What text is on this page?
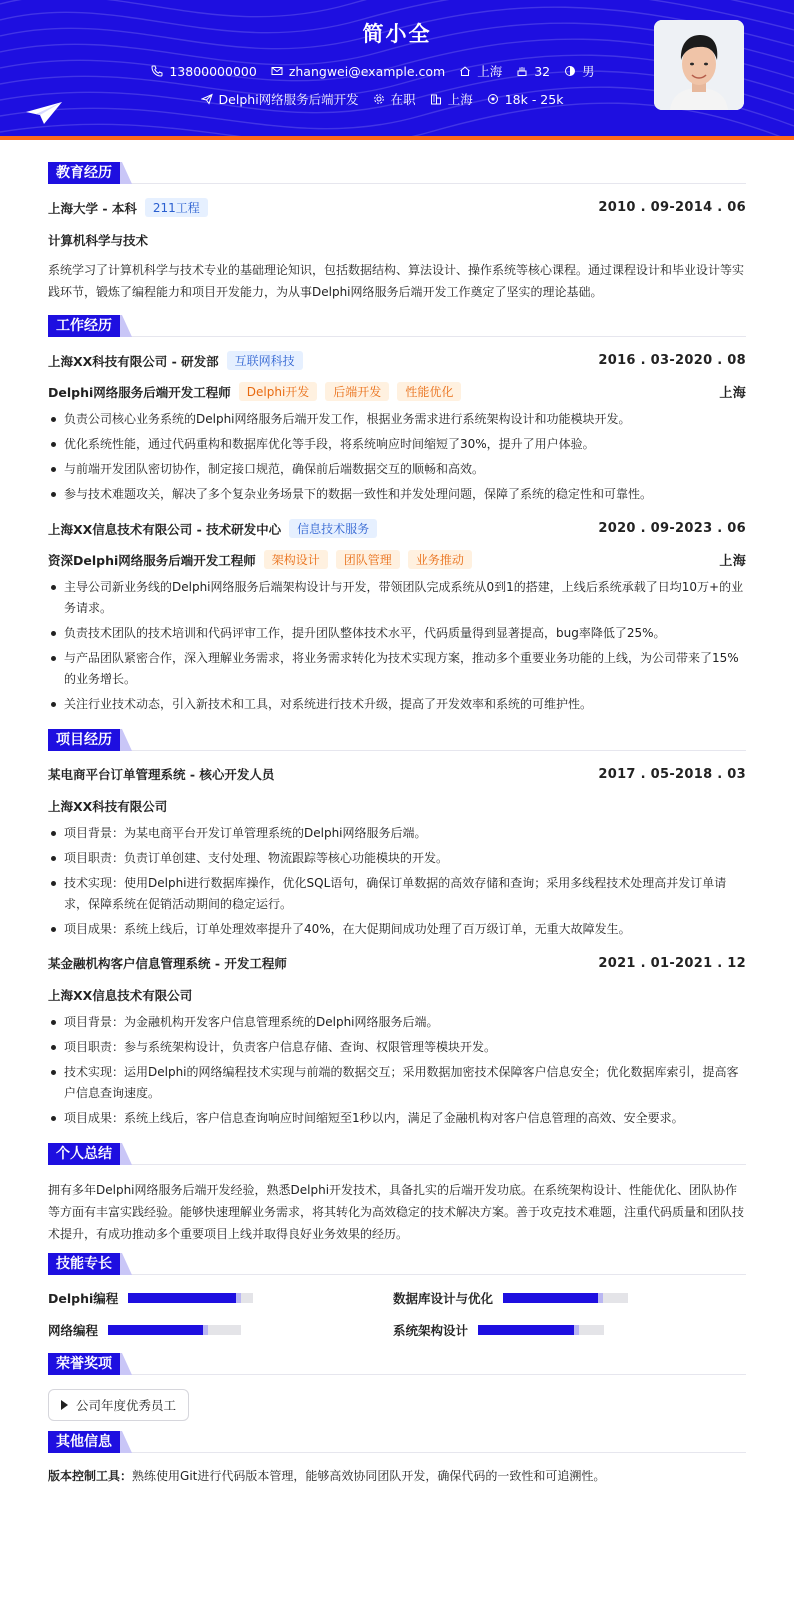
简小全
13800000000	zhangwei@example.com	上海	32	男
Delphi网络服务后端开发	在职	上海	18k - 25k
教育经历
上海大学 - 本科	211工程	2010 . 09-2014 . 06
计算机科学与技术
系统学习了计算机科学与技术专业的基础理论知识，包括数据结构、算法设计、操作系统等核心课程。通过课程设计和毕业设计等实践环节，锻炼了编程能力和项目开发能力，为从事Delphi网络服务后端开发工作奠定了坚实的理论基础。
工作经历
上海XX科技有限公司 - 研发部	互联网科技	2016 . 03-2020 . 08
Delphi网络服务后端开发工程师	Delphi开发	后端开发	性能优化	上海
负责公司核心业务系统的Delphi网络服务后端开发工作，根据业务需求进行系统架构设计和功能模块开发。
优化系统性能，通过代码重构和数据库优化等手段，将系统响应时间缩短了30%，提升了用户体验。
与前端开发团队密切协作，制定接口规范，确保前后端数据交互的顺畅和高效。
参与技术难题攻关，解决了多个复杂业务场景下的数据一致性和并发处理问题，保障了系统的稳定性和可靠性。
上海XX信息技术有限公司 - 技术研发中心	信息技术服务	2020 . 09-2023 . 06
资深Delphi网络服务后端开发工程师	架构设计	团队管理	业务推动	上海
主导公司新业务线的Delphi网络服务后端架构设计与开发，带领团队完成系统从0到1的搭建，上线后系统承载了日均10万+的业务请求。
负责技术团队的技术培训和代码评审工作，提升团队整体技术水平，代码质量得到显著提高，bug率降低了25%。
与产品团队紧密合作，深入理解业务需求，将业务需求转化为技术实现方案，推动多个重要业务功能的上线，为公司带来了15%的业务增长。
关注行业技术动态，引入新技术和工具，对系统进行技术升级，提高了开发效率和系统的可维护性。
项目经历
某电商平台订单管理系统 - 核心开发人员	2017 . 05-2018 . 03
上海XX科技有限公司
项目背景：为某电商平台开发订单管理系统的Delphi网络服务后端。
项目职责：负责订单创建、支付处理、物流跟踪等核心功能模块的开发。
技术实现：使用Delphi进行数据库操作，优化SQL语句，确保订单数据的高效存储和查询；采用多线程技术处理高并发订单请求，保障系统在促销活动期间的稳定运行。
项目成果：系统上线后，订单处理效率提升了40%，在大促期间成功处理了百万级订单，无重大故障发生。
某金融机构客户信息管理系统 - 开发工程师	2021 . 01-2021 . 12
上海XX信息技术有限公司
项目背景：为金融机构开发客户信息管理系统的Delphi网络服务后端。
项目职责：参与系统架构设计，负责客户信息存储、查询、权限管理等模块开发。
技术实现：运用Delphi的网络编程技术实现与前端的数据交互；采用数据加密技术保障客户信息安全；优化数据库索引，提高客户信息查询速度。
项目成果：系统上线后，客户信息查询响应时间缩短至1秒以内，满足了金融机构对客户信息管理的高效、安全要求。
个人总结
拥有多年Delphi网络服务后端开发经验，熟悉Delphi开发技术，具备扎实的后端开发功底。在系统架构设计、性能优化、团队协作等方面有丰富实践经验。能够快速理解业务需求，将其转化为高效稳定的技术解决方案。善于攻克技术难题，注重代码质量和团队技术提升，有成功推动多个重要项目上线并取得良好业务效果的经历。
技能专长
Delphi编程	数据库设计与优化
网络编程	系统架构设计
荣誉奖项
公司年度优秀员工
其他信息
版本控制工具：熟练使用Git进行代码版本管理，能够高效协同团队开发，确保代码的一致性和可追溯性。
